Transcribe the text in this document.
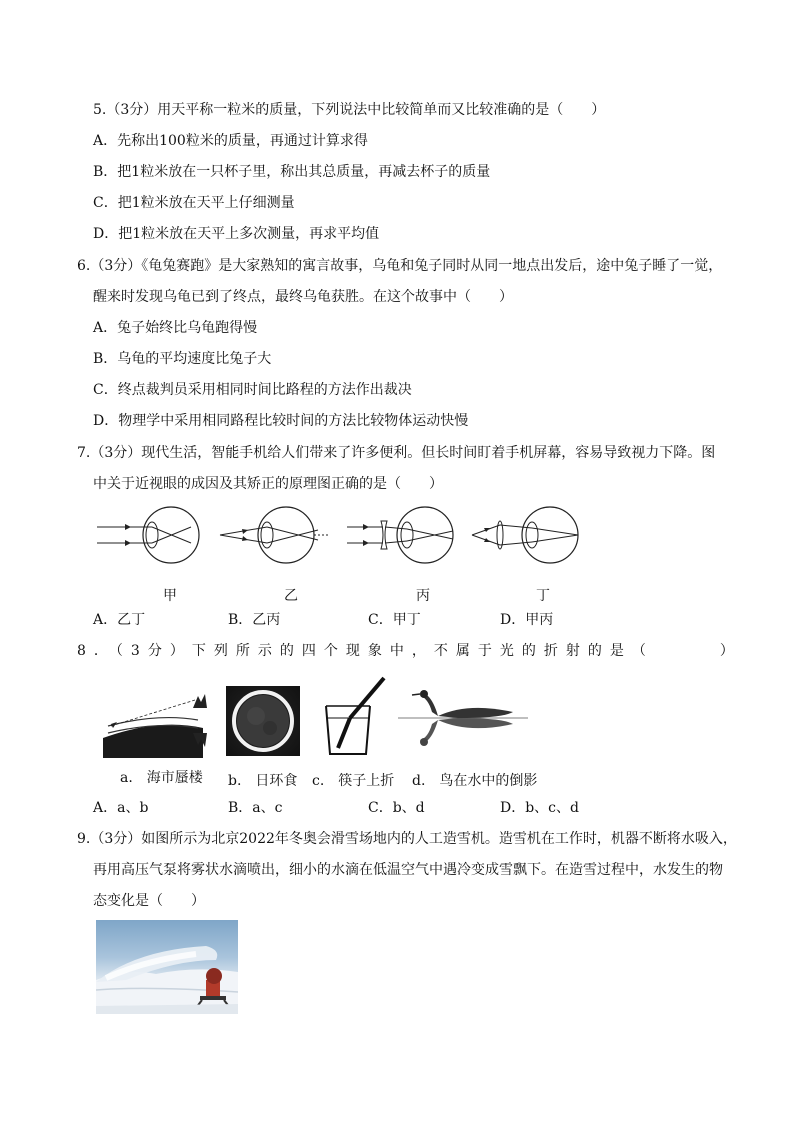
5.（3分）用天平称一粒米的质量，下列说法中比较简单而又比较准确的是（　　）
A．先称出100粒米的质量，再通过计算求得
B．把1粒米放在一只杯子里，称出其总质量，再减去杯子的质量
C．把1粒米放在天平上仔细测量
D．把1粒米放在天平上多次测量，再求平均值
6.（3分）《龟兔赛跑》是大家熟知的寓言故事，乌龟和兔子同时从同一地点出发后，途中兔子睡了一觉，
醒来时发现乌龟已到了终点，最终乌龟获胜。在这个故事中（　　）
A．兔子始终比乌龟跑得慢
B．乌龟的平均速度比兔子大
C．终点裁判员采用相同时间比路程的方法作出裁决
D．物理学中采用相同路程比较时间的方法比较物体运动快慢
7.（3分）现代生活，智能手机给人们带来了许多便利。但长时间盯着手机屏幕，容易导致视力下降。图
中关于近视眼的成因及其矫正的原理图正确的是（　　）
甲	乙	丙	丁
A．乙丁	B．乙丙	C．甲丁	D．甲丙
8．（3分）下列所示的四个现象中，不属于光的折射的是（　　　）
a.　海市蜃楼 b.　日环食 c.　筷子上折 d.　鸟在水中的倒影
A．a、b	B．a、c	C．b、d	D．b、c、d
9.（3分）如图所示为北京2022年冬奥会滑雪场地内的人工造雪机。造雪机在工作时，机器不断将水吸入，
再用高压气泵将雾状水滴喷出，细小的水滴在低温空气中遇冷变成雪飘下。在造雪过程中，水发生的物
态变化是（　　）
